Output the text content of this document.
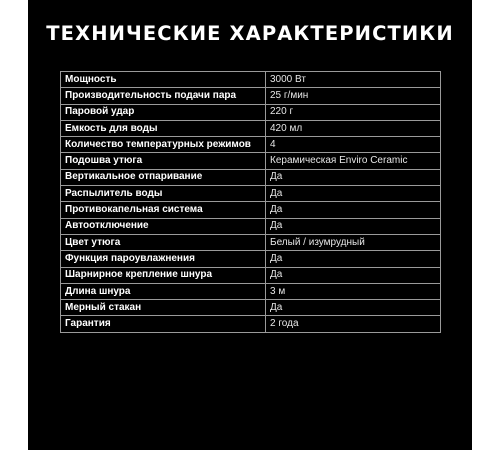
ТЕХНИЧЕСКИЕ ХАРАКТЕРИСТИКИ
Мощность	3000 Вт
Производительность подачи пара	25 г/мин
Паровой удар	220 г
Емкость для воды	420 мл
Количество температурных режимов	4
Подошва утюга	Керамическая Enviro Ceramic
Вертикальное отпаривание	Да
Распылитель воды	Да
Противокапельная система	Да
Автоотключение	Да
Цвет утюга	Белый / изумрудный
Функция пароувлажнения	Да
Шарнирное крепление шнура	Да
Длина шнура	3 м
Мерный стакан	Да
Гарантия	2 года
